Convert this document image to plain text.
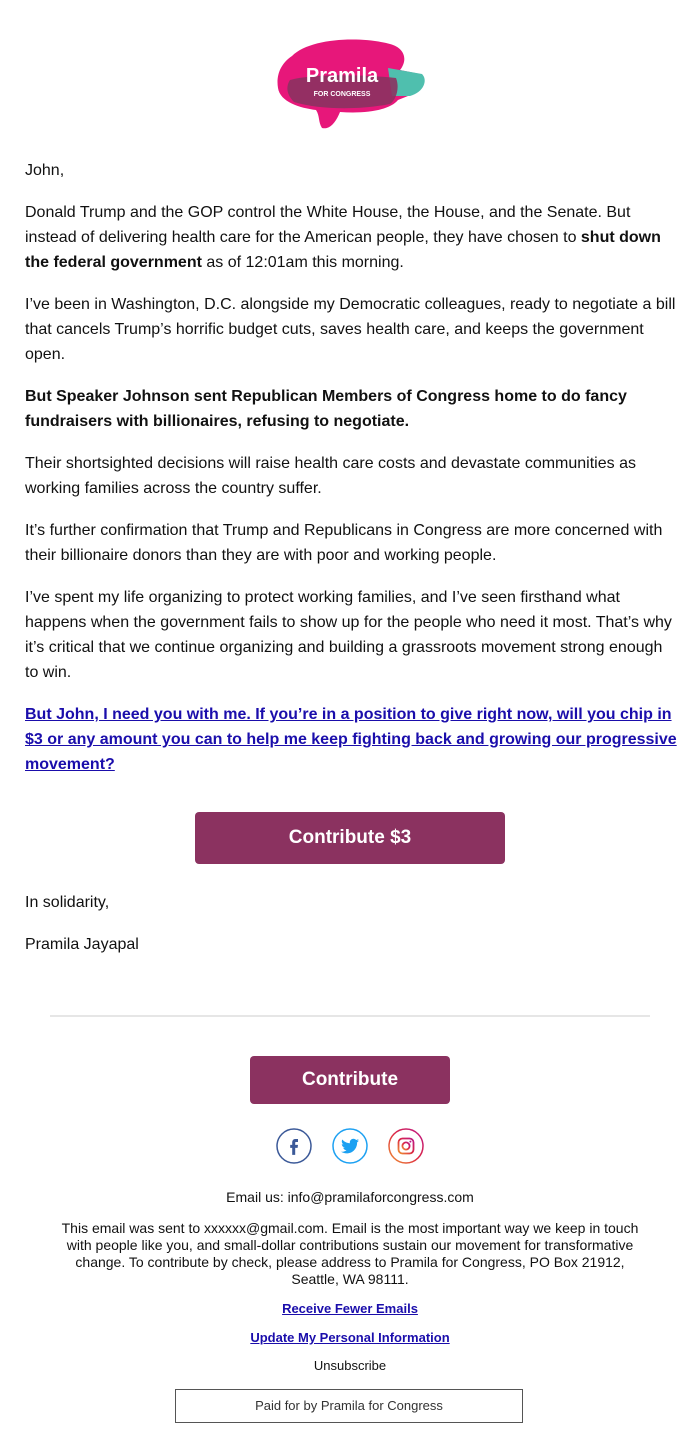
Pramila
FOR CONGRESS

John,

Donald Trump and the GOP control the White House, the House, and the Senate. But instead of delivering health care for the American people, they have chosen to shut down the federal government as of 12:01am this morning.

I’ve been in Washington, D.C. alongside my Democratic colleagues, ready to negotiate a bill that cancels Trump’s horrific budget cuts, saves health care, and keeps the government open.

But Speaker Johnson sent Republican Members of Congress home to do fancy fundraisers with billionaires, refusing to negotiate.

Their shortsighted decisions will raise health care costs and devastate communities as working families across the country suffer.

It’s further confirmation that Trump and Republicans in Congress are more concerned with their billionaire donors than they are with poor and working people.

I’ve spent my life organizing to protect working families, and I’ve seen firsthand what happens when the government fails to show up for the people who need it most. That’s why it’s critical that we continue organizing and building a grassroots movement strong enough to win.

But John, I need you with me. If you’re in a position to give right now, will you chip in $3 or any amount you can to help me keep fighting back and growing our progressive movement?

Contribute $3

In solidarity,

Pramila Jayapal

Contribute
Email us: info@pramilaforcongress.com
This email was sent to xxxxxx@gmail.com. Email is the most important way we keep in touch with people like you, and small-dollar contributions sustain our movement for transformative change. To contribute by check, please address to Pramila for Congress, PO Box 21912, Seattle, WA 98111.
Receive Fewer Emails
Update My Personal Information
Unsubscribe
Paid for by Pramila for Congress
